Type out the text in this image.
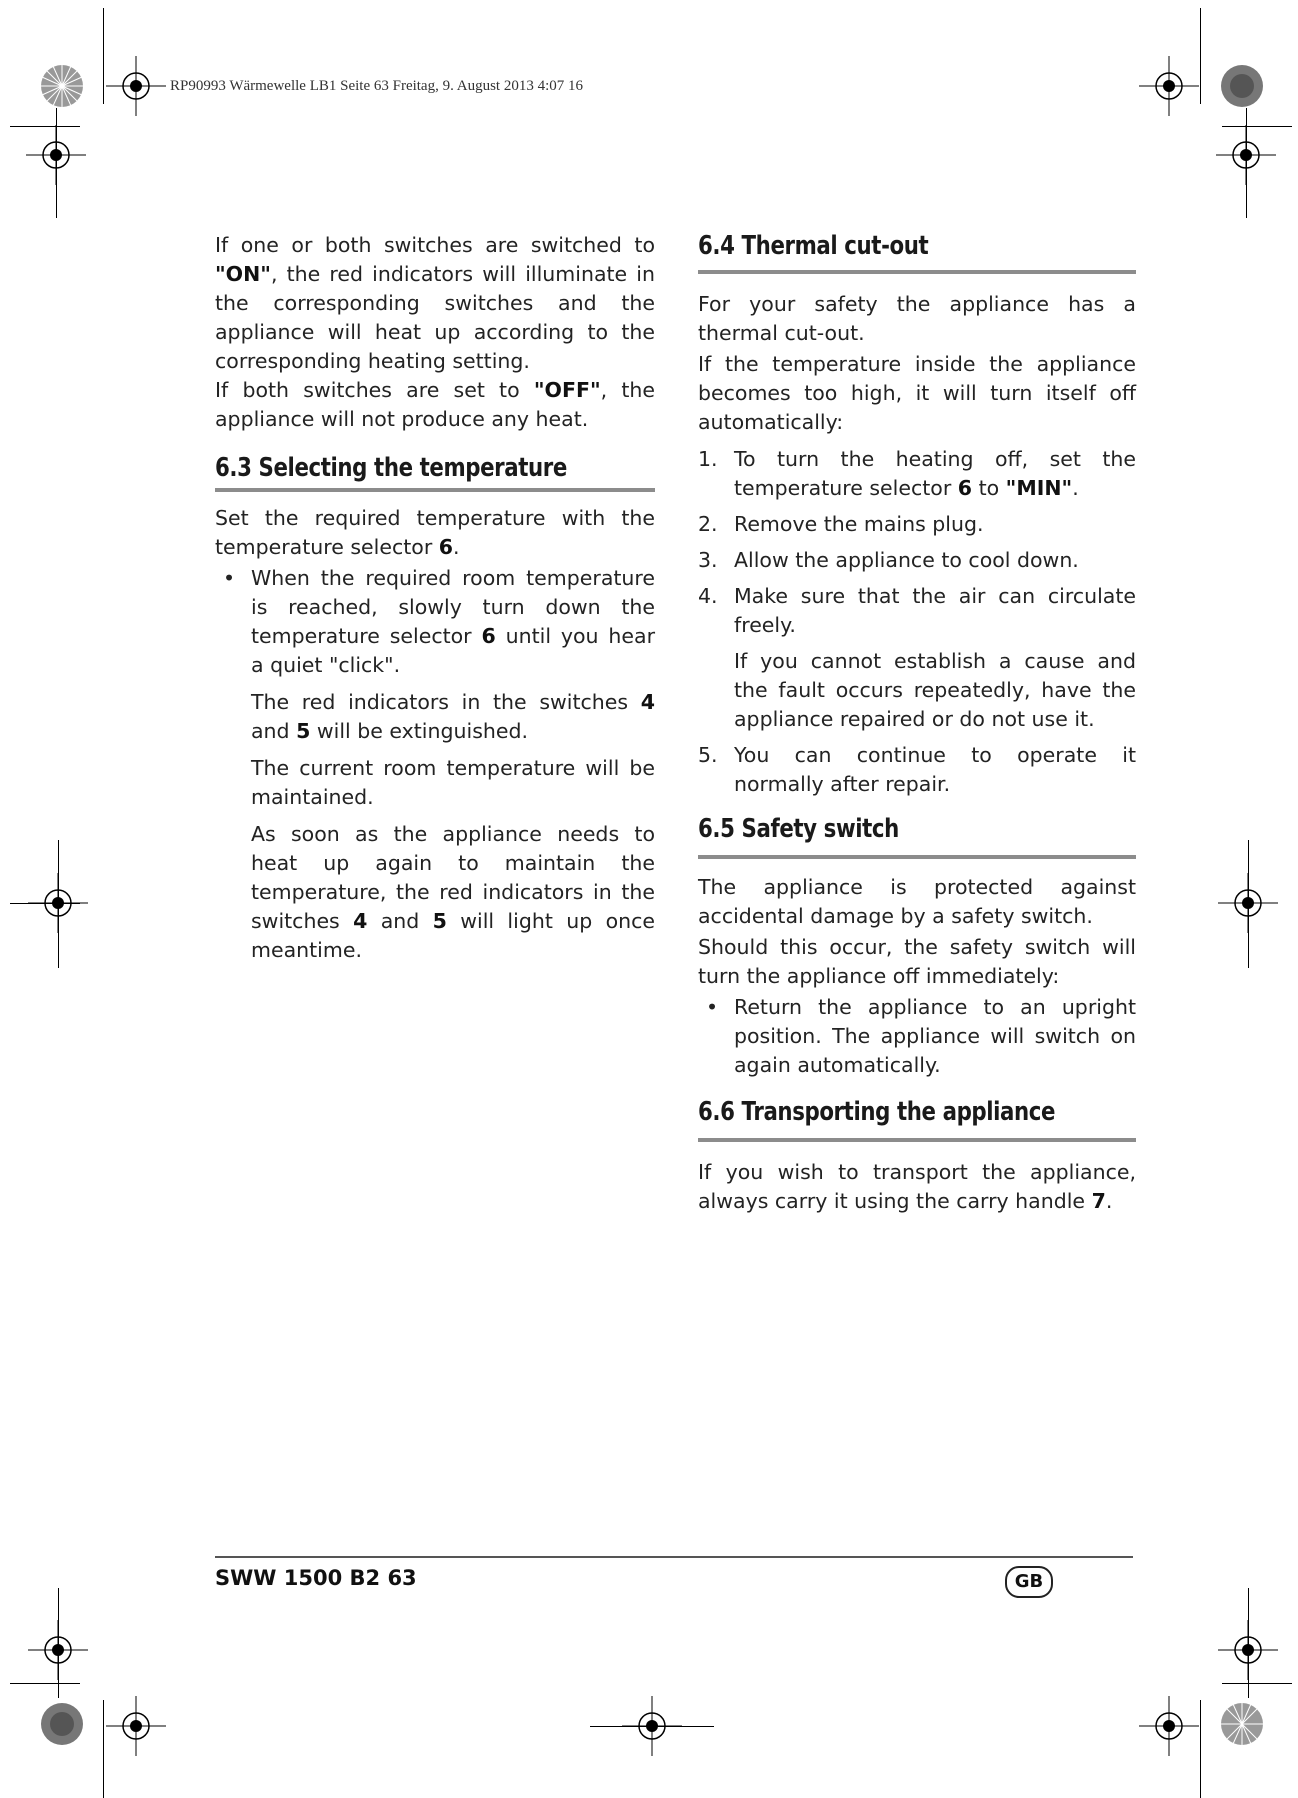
RP90993 Wärmewelle LB1 Seite 63 Freitag, 9. August 2013 4:07 16

If one or both switches are switched to "ON", the red indicators will illuminate in the corresponding switches and the appliance will heat up according to the corresponding heating setting.

If both switches are set to "OFF", the appliance will not produce any heat.

6.3 Selecting the temperature

Set the required temperature with the temperature selector 6.

• When the required room temperature is reached, slowly turn down the temperature selector 6 until you hear a quiet "click".

The red indicators in the switches 4 and 5 will be extinguished.

The current room temperature will be maintained.

As soon as the appliance needs to heat up again to maintain the temperature, the red indicators in the switches 4 and 5 will light up once meantime.

6.4 Thermal cut-out

For your safety the appliance has a thermal cut-out.

If the temperature inside the appliance becomes too high, it will turn itself off automatically:

1. To turn the heating off, set the temperature selector 6 to "MIN".
2. Remove the mains plug.
3. Allow the appliance to cool down.
4. Make sure that the air can circulate freely.

If you cannot establish a cause and the fault occurs repeatedly, have the appliance repaired or do not use it.

5. You can continue to operate it normally after repair.
6.5 Safety switch

The appliance is protected against accidental damage by a safety switch.

Should this occur, the safety switch will turn the appliance off immediately:

• Return the appliance to an upright position. The appliance will switch on again automatically.
6.6 Transporting the appliance

If you wish to transport the appliance, always carry it using the carry handle 7.

SWW 1500 B2 63	GB
